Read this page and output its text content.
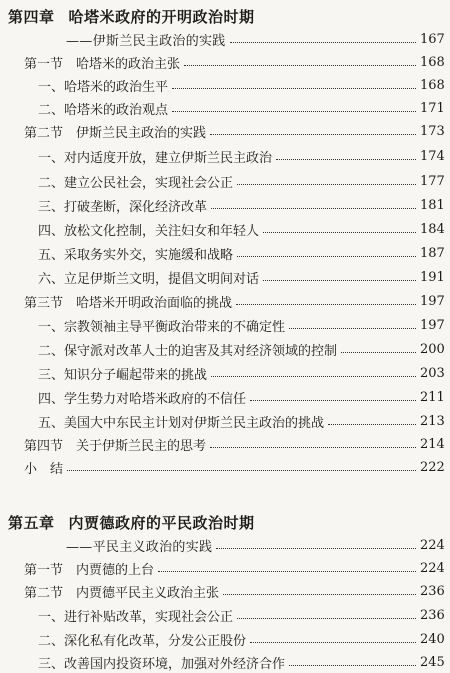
第四章 哈塔米政府的开明政治时期
——伊斯兰民主政治的实践	167
第一节　哈塔米的政治主张	168
一、哈塔米的政治生平	168
二、哈塔米的政治观点	171
第二节　伊斯兰民主政治的实践	173
一、对内适度开放，建立伊斯兰民主政治	174
二、建立公民社会，实现社会公正	177
三、打破垄断，深化经济改革	181
四、放松文化控制，关注妇女和年轻人	184
五、采取务实外交，实施缓和战略	187
六、立足伊斯兰文明，提倡文明间对话	191
第三节　哈塔米开明政治面临的挑战	197
一、宗教领袖主导平衡政治带来的不确定性	197
二、保守派对改革人士的迫害及其对经济领域的控制	200
三、知识分子崛起带来的挑战	203
四、学生势力对哈塔米政府的不信任	211
五、美国大中东民主计划对伊斯兰民主政治的挑战	213
第四节　关于伊斯兰民主的思考	214
小　结	222
第五章 内贾德政府的平民政治时期
——平民主义政治的实践	224
第一节　内贾德的上台	224
第二节　内贾德平民主义政治主张	236
一、进行补贴改革，实现社会公正	236
二、深化私有化改革，分发公正股份	240
三、改善国内投资环境，加强对外经济合作	245
